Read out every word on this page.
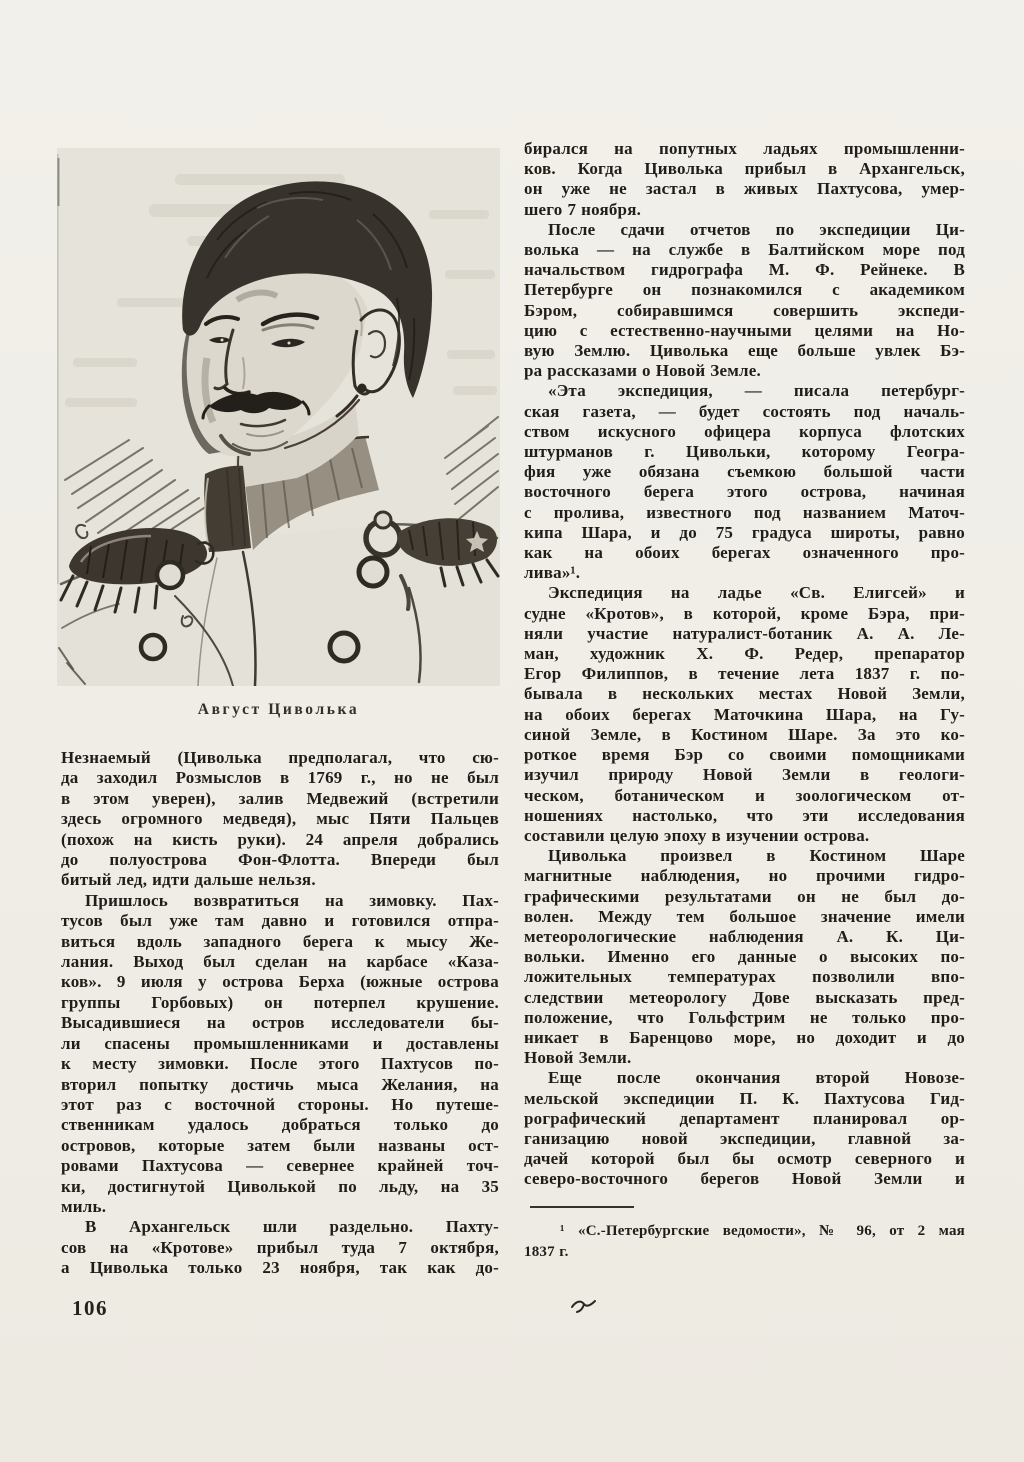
Август Циволька
Незнаемый (Циволька предполагал, что сю-
да заходил Розмыслов в 1769 г., но не был
в этом уверен), залив Медвежий (встретили
здесь огромного медведя), мыс Пяти Пальцев
(похож на кисть руки). 24 апреля добрались
до полуострова Фон-Флотта. Впереди был
битый лед, идти дальше нельзя.
Пришлось возвратиться на зимовку. Пах-
тусов был уже там давно и готовился отпра-
виться вдоль западного берега к мысу Же-
лания. Выход был сделан на карбасе «Каза-
ков». 9 июля у острова Берха (южные острова
группы Горбовых) он потерпел крушение.
Высадившиеся на остров исследователи бы-
ли спасены промышленниками и доставлены
к месту зимовки. После этого Пахтусов по-
вторил попытку достичь мыса Желания, на
этот раз с восточной стороны. Но путеше-
ственникам удалось добраться только до
островов, которые затем были названы ост-
ровами Пахтусова — севернее крайней точ-
ки, достигнутой Циволькой по льду, на 35
миль.
В Архангельск шли раздельно. Пахту-
сов на «Кротове» прибыл туда 7 октября,
а Циволька только 23 ноября, так как до-
бирался на попутных ладьях промышленни-
ков. Когда Циволька прибыл в Архангельск,
он уже не застал в живых Пахтусова, умер-
шего 7 ноября.
После сдачи отчетов по экспедиции Ци-
волька — на службе в Балтийском море под
начальством гидрографа М. Ф. Рейнеке. В
Петербурге он познакомился с академиком
Бэром, собиравшимся совершить экспеди-
цию с естественно-научными целями на Но-
вую Землю. Циволька еще больше увлек Бэ-
ра рассказами о Новой Земле.
«Эта экспедиция, — писала петербург-
ская газета, — будет состоять под началь-
ством искусного офицера корпуса флотских
штурманов г. Цивольки, которому Геогра-
фия уже обязана съемкою большой части
восточного берега этого острова, начиная
с пролива, известного под названием Маточ-
кипа Шара, и до 75 градуса широты, равно
как на обоих берегах означенного про-
лива»¹.
Экспедиция на ладье «Св. Елигсей» и
судне «Кротов», в которой, кроме Бэра, при-
няли участие натуралист-ботаник А. А. Ле-
ман, художник Х. Ф. Редер, препаратор
Егор Филиппов, в течение лета 1837 г. по-
бывала в нескольких местах Новой Земли,
на обоих берегах Маточкина Шара, на Гу-
синой Земле, в Костином Шаре. За это ко-
роткое время Бэр со своими помощниками
изучил природу Новой Земли в геологи-
ческом, ботаническом и зоологическом от-
ношениях настолько, что эти исследования
составили целую эпоху в изучении острова.
Циволька произвел в Костином Шаре
магнитные наблюдения, но прочими гидро-
графическими результатами он не был до-
волен. Между тем большое значение имели
метеорологические наблюдения А. К. Ци-
вольки. Именно его данные о высоких по-
ложительных температурах позволили впо-
следствии метеорологу Дове высказать пред-
положение, что Гольфстрим не только про-
никает в Баренцово море, но доходит и до
Новой Земли.
Еще после окончания второй Новозе-
мельской экспедиции П. К. Пахтусова Гид-
рографический департамент планировал ор-
ганизацию новой экспедиции, главной за-
дачей которой был бы осмотр северного и
северо-восточного берегов Новой Земли и
¹ «С.-Петербургские ведомости», № 96, от 2 мая
1837 г.
106
